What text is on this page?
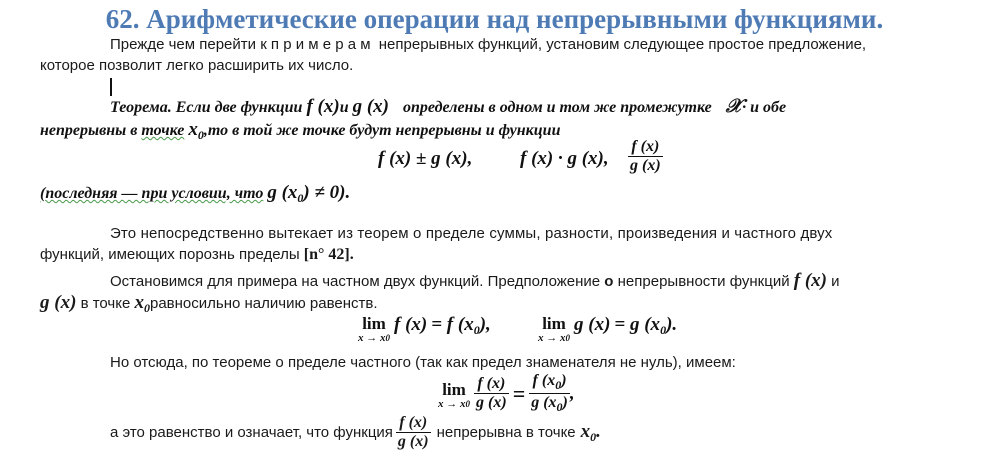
62. Арифметические операции над непрерывными функциями.
Прежде чем перейти к п р и м е р а м непрерывных функций, установим следующее простое предложение,
которое позволит легко расширить их число.
Теорема. Если две функции f (x)и g (x) определены в одном и том же промежутке 𝒳· и обе
непрерывны в точке $x_0,то$ в той же точке будут непрерывны и функции
f (x) ± g (x),	f (x) · g (x), $\frac{f (x)}{g (x)}$
(последняя — при условии, что g $(x_0) \ne 0$).
Это непосредственно вытекает из теорем о пределе суммы, разности, произведения и частного двух
функций, имеющих порознь пределы [n° 42].
Остановимся для примера на частном двух функций. Предположение о непрерывности функций f (x) и
g (x) в точке $x_0равносильно$ наличию равенств.
lim
x → x0
f (x) = f $(x_0)$,	lim
x → x0
g (x) = g $(x_0)$.
Но отсюда, по теореме о пределе частного (так как предел знаменателя не нуль), имеем:
lim
$x \to x0 \frac{f (x)}{g (x)} = \frac{f (x_0)}{g (x_0)}$ ,
а это равенство и означает, что функция $\frac{f (x)}{g (x)}$ непрерывна в точке $x_0$.
